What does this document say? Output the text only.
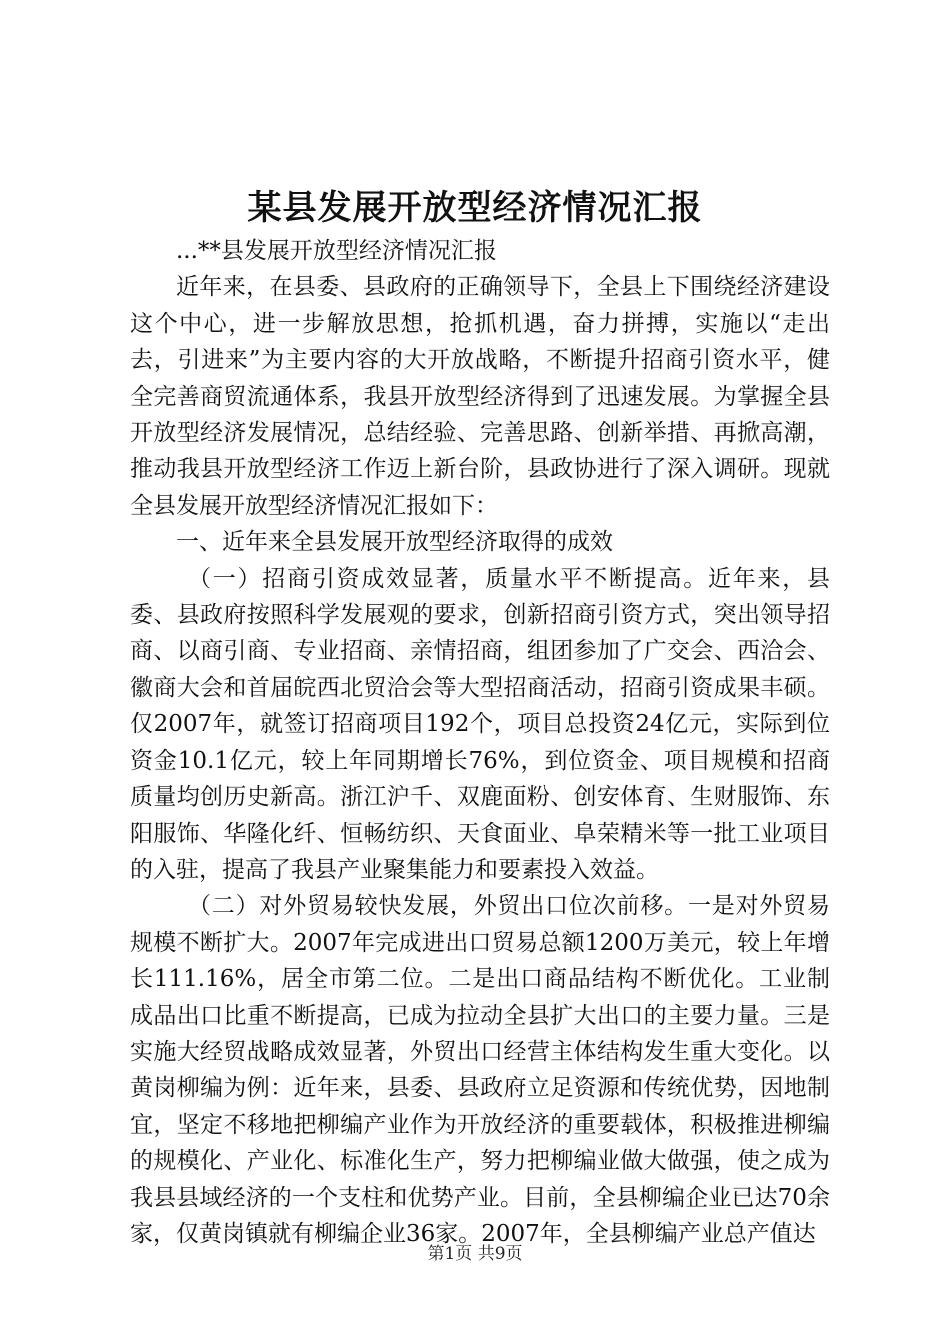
某县发展开放型经济情况汇报

...**县发展开放型经济情况汇报

近年来，在县委、县政府的正确领导下，全县上下围绕经济建设这个中心，进一步解放思想，抢抓机遇，奋力拼搏，实施以“走出去，引进来”为主要内容的大开放战略，不断提升招商引资水平，健全完善商贸流通体系，我县开放型经济得到了迅速发展。为掌握全县开放型经济发展情况，总结经验、完善思路、创新举措、再掀高潮，推动我县开放型经济工作迈上新台阶，县政协进行了深入调研。现就全县发展开放型经济情况汇报如下：

一、近年来全县发展开放型经济取得的成效

（一）招商引资成效显著，质量水平不断提高。近年来，县委、县政府按照科学发展观的要求，创新招商引资方式，突出领导招商、以商引商、专业招商、亲情招商，组团参加了广交会、西洽会、徽商大会和首届皖西北贸洽会等大型招商活动，招商引资成果丰硕。仅2007年，就签订招商项目192个，项目总投资24亿元，实际到位资金10.1亿元，较上年同期增长76%，到位资金、项目规模和招商质量均创历史新高。浙江沪千、双鹿面粉、创安体育、生财服饰、东阳服饰、华隆化纤、恒畅纺织、天食面业、阜荣精米等一批工业项目的入驻，提高了我县产业聚集能力和要素投入效益。

（二）对外贸易较快发展，外贸出口位次前移。一是对外贸易规模不断扩大。2007年完成进出口贸易总额1200万美元，较上年增长111.16%，居全市第二位。二是出口商品结构不断优化。工业制成品出口比重不断提高，已成为拉动全县扩大出口的主要力量。三是实施大经贸战略成效显著，外贸出口经营主体结构发生重大变化。以黄岗柳编为例：近年来，县委、县政府立足资源和传统优势，因地制宜，坚定不移地把柳编产业作为开放经济的重要载体，积极推进柳编的规模化、产业化、标准化生产，努力把柳编业做大做强，使之成为我县县域经济的一个支柱和优势产业。目前，全县柳编企业已达70余家，仅黄岗镇就有柳编企业36家。2007年，全县柳编产业总产值达

第1页 共9页
